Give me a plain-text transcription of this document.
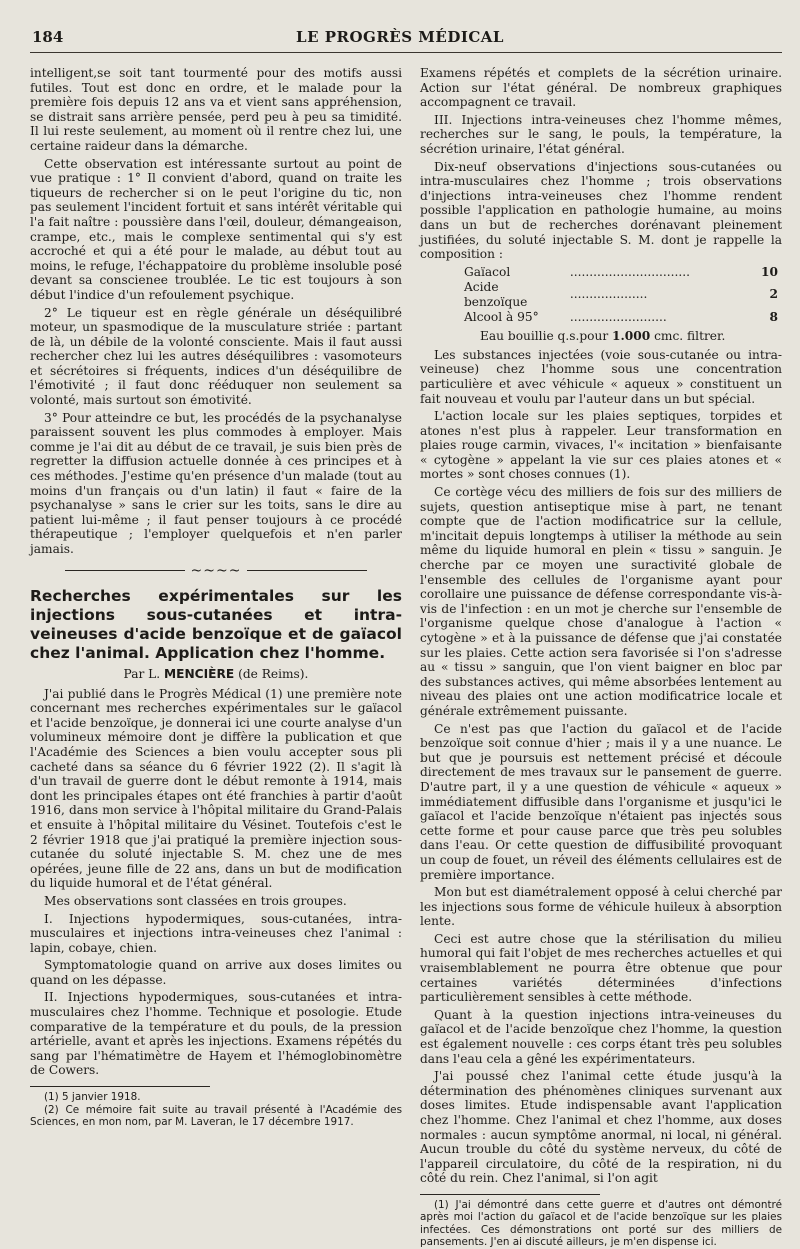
184	LE PROGRÈS MÉDICAL

intelligent,se soit tant tourmenté pour des motifs aussi futiles. Tout est donc en ordre, et le malade pour la première fois depuis 12 ans va et vient sans appréhension, se distrait sans arrière pensée, perd peu à peu sa timidité. Il lui reste seulement, au moment où il rentre chez lui, une certaine raideur dans la démarche.

Cette observation est intéressante surtout au point de vue pratique : 1° Il convient d'abord, quand on traite les tiqueurs de rechercher si on le peut l'origine du tic, non pas seulement l'incident fortuit et sans intérêt véritable qui l'a fait naître : poussière dans l'œil, douleur, démangeaison, crampe, etc., mais le complexe sentimental qui s'y est accroché et qui a été pour le malade, au début tout au moins, le refuge, l'échappatoire du problème insoluble posé devant sa conscienee troublée. Le tic est toujours à son début l'indice d'un refoulement psychique.

2° Le tiqueur est en règle générale un déséquilibré moteur, un spasmodique de la musculature striée : partant de là, un débile de la volonté consciente. Mais il faut aussi rechercher chez lui les autres déséquilibres : vasomoteurs et sécrétoires si fréquents, indices d'un déséquilibre de l'émotivité ; il faut donc rééduquer non seulement sa volonté, mais surtout son émotivité.

3° Pour atteindre ce but, les procédés de la psychanalyse paraissent souvent les plus commodes à employer. Mais comme je l'ai dit au début de ce travail, je suis bien près de regretter la diffusion actuelle donnée à ces principes et à ces méthodes. J'estime qu'en présence d'un malade (tout au moins d'un français ou d'un latin) il faut « faire de la psychanalyse » sans le crier sur les toits, sans le dire au patient lui-même ; il faut penser toujours à ce procédé thérapeutique ; l'employer quelquefois et n'en parler jamais.

~~~~
Recherches expérimentales sur les injections sous-cutanées et intra-veineuses d'acide benzoïque et de gaïacol chez l'animal. Application chez l'homme.
Par L. MENCIÈRE (de Reims).

J'ai publié dans le Progrès Médical (1) une première note concernant mes recherches expérimentales sur le gaïacol et l'acide benzoïque, je donnerai ici une courte analyse d'un volumineux mémoire dont je diffère la publication et que l'Académie des Sciences a bien voulu accepter sous pli cacheté dans sa séance du 6 février 1922 (2). Il s'agit là d'un travail de guerre dont le début remonte à 1914, mais dont les principales étapes ont été franchies à partir d'août 1916, dans mon service à l'hôpital militaire du Grand-Palais et ensuite à l'hôpital militaire du Vésinet. Toutefois c'est le 2 février 1918 que j'ai pratiqué la première injection sous-cutanée du soluté injectable S. M. chez une de mes opérées, jeune fille de 22 ans, dans un but de modification du liquide humoral et de l'état général.

Mes observations sont classées en trois groupes.

I. Injections hypodermiques, sous-cutanées, intra-musculaires et injections intra-veineuses chez l'animal : lapin, cobaye, chien.

Symptomatologie quand on arrive aux doses limites ou quand on les dépasse.

II. Injections hypodermiques, sous-cutanées et intra-musculaires chez l'homme. Technique et posologie. Etude comparative de la température et du pouls, de la pression artérielle, avant et après les injections. Examens répétés du sang par l'hématimètre de Hayem et l'hémoglobinomètre de Cowers.

(1) 5 janvier 1918.

(2) Ce mémoire fait suite au travail présenté à l'Académie des Sciences, en mon nom, par M. Laveran, le 17 décembre 1917.

Examens répétés et complets de la sécrétion urinaire. Action sur l'état général. De nombreux graphiques accompagnent ce travail.

III. Injections intra-veineuses chez l'homme mêmes, recherches sur le sang, le pouls, la température, la sécrétion urinaire, l'état général.

Dix-neuf observations d'injections sous-cutanées ou intra-musculaires chez l'homme ; trois observations d'injections intra-veineuses chez l'homme rendent possible l'application en pathologie humaine, au moins dans un but de recherches dorénavant pleinement justifiées, du soluté injectable S. M. dont je rappelle la composition :

Gaïacol	...............................	10
Acide benzoïque	....................	2
Alcool à 95°	.........................	8
Eau bouillie q.s.pour 1.000 cmc. filtrer.

Les substances injectées (voie sous-cutanée ou intra-veineuse) chez l'homme sous une concentration particulière et avec véhicule « aqueux » constituent un fait nouveau et voulu par l'auteur dans un but spécial.

L'action locale sur les plaies septiques, torpides et atones n'est plus à rappeler. Leur transformation en plaies rouge carmin, vivaces, l'« incitation » bienfaisante « cytogène » appelant la vie sur ces plaies atones et « mortes » sont choses connues (1).

Ce cortège vécu des milliers de fois sur des milliers de sujets, question antiseptique mise à part, ne tenant compte que de l'action modificatrice sur la cellule, m'incitait depuis longtemps à utiliser la méthode au sein même du liquide humoral en plein « tissu » sanguin. Je cherche par ce moyen une suractivité globale de l'ensemble des cellules de l'organisme ayant pour corollaire une puissance de défense correspondante vis-à-vis de l'infection : en un mot je cherche sur l'ensemble de l'organisme quelque chose d'analogue à l'action « cytogène » et à la puissance de défense que j'ai constatée sur les plaies. Cette action sera favorisée si l'on s'adresse au « tissu » sanguin, que l'on vient baigner en bloc par des substances actives, qui même absorbées lentement au niveau des plaies ont une action modificatrice locale et générale extrêmement puissante.

Ce n'est pas que l'action du gaïacol et de l'acide benzoïque soit connue d'hier ; mais il y a une nuance. Le but que je poursuis est nettement précisé et découle directement de mes travaux sur le pansement de guerre. D'autre part, il y a une question de véhicule « aqueux » immédiatement diffusible dans l'organisme et jusqu'ici le gaïacol et l'acide benzoïque n'étaient pas injectés sous cette forme et pour cause parce que très peu solubles dans l'eau. Or cette question de diffusibilité provoquant un coup de fouet, un réveil des éléments cellulaires est de première importance.

Mon but est diamétralement opposé à celui cherché par les injections sous forme de véhicule huileux à absorption lente.

Ceci est autre chose que la stérilisation du milieu humoral qui fait l'objet de mes recherches actuelles et qui vraisemblablement ne pourra être obtenue que pour certaines variétés déterminées d'infections particulièrement sensibles à cette méthode.

Quant à la question injections intra-veineuses du gaïacol et de l'acide benzoïque chez l'homme, la question est également nouvelle : ces corps étant très peu solubles dans l'eau cela a gêné les expérimentateurs.

J'ai poussé chez l'animal cette étude jusqu'à la détermination des phénomènes cliniques survenant aux doses limites. Etude indispensable avant l'application chez l'homme. Chez l'animal et chez l'homme, aux doses normales : aucun symptôme anormal, ni local, ni général. Aucun trouble du côté du système nerveux, du côté de l'appareil circulatoire, du côté de la respiration, ni du côté du rein. Chez l'animal, si l'on agit

(1) J'ai démontré dans cette guerre et d'autres ont démontré après moi l'action du gaïacol et de l'acide benzoïque sur les plaies infectées. Ces démonstrations ont porté sur des milliers de pansements. J'en ai discuté ailleurs, je m'en dispense ici.
